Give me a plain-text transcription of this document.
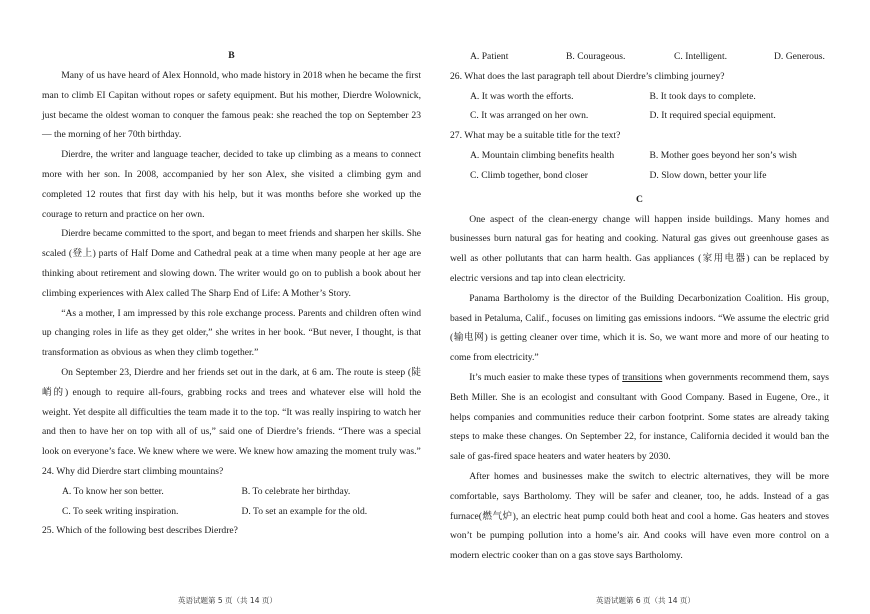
B

Many of us have heard of Alex Honnold, who made history in 2018 when he became the first man to climb EI Capitan without ropes or safety equipment. But his mother, Dierdre Wolownick, just became the oldest woman to conquer the famous peak: she reached the top on September 23 — the morning of her 70th birthday.

Dierdre, the writer and language teacher, decided to take up climbing as a means to connect more with her son. In 2008, accompanied by her son Alex, she visited a climbing gym and completed 12 routes that first day with his help, but it was months before she worked up the courage to return and practice on her own.

Dierdre became committed to the sport, and began to meet friends and sharpen her skills. She scaled (登上) parts of Half Dome and Cathedral peak at a time when many people at her age are thinking about retirement and slowing down. The writer would go on to publish a book about her climbing experiences with Alex called The Sharp End of Life: A Mother’s Story.

“As a mother, I am impressed by this role exchange process. Parents and children often wind up changing roles in life as they get older,” she writes in her book. “But never, I thought, is that transformation as obvious as when they climb together.”

On September 23, Dierdre and her friends set out in the dark, at 6 am. The route is steep (陡峭的) enough to require all-fours, grabbing rocks and trees and whatever else will hold the weight. Yet despite all difficulties the team made it to the top. “It was really inspiring to watch her and then to have her on top with all of us,” said one of Dierdre’s friends. “There was a special look on everyone’s face. We knew where we were. We knew how amazing the moment truly was.”

24. Why did Dierdre start climbing mountains?
A. To know her son better.	B. To celebrate her birthday.
C. To seek writing inspiration.	D. To set an example for the old.
25. Which of the following best describes Dierdre?
A. Patient	B. Courageous.	C. Intelligent.	D. Generous.
26. What does the last paragraph tell about Dierdre’s climbing journey?
A. It was worth the efforts.	B. It took days to complete.
C. It was arranged on her own.	D. It required special equipment.
27. What may be a suitable title for the text?
A. Mountain climbing benefits health	B. Mother goes beyond her son’s wish
C. Climb together, bond closer	D. Slow down, better your life
C

One aspect of the clean-energy change will happen inside buildings. Many homes and businesses burn natural gas for heating and cooking. Natural gas gives out greenhouse gases as well as other pollutants that can harm health. Gas appliances (家用电器) can be replaced by electric versions and tap into clean electricity.

Panama Bartholomy is the director of the Building Decarbonization Coalition. His group, based in Petaluma, Calif., focuses on limiting gas emissions indoors. “We assume the electric grid (输电网) is getting cleaner over time, which it is. So, we want more and more of our heating to come from electricity.”

It’s much easier to make these types of transitions when governments recommend them, says Beth Miller. She is an ecologist and consultant with Good Company. Based in Eugene, Ore., it helps companies and communities reduce their carbon footprint. Some states are already taking steps to make these changes. On September 22, for instance, California decided it would ban the sale of gas-fired space heaters and water heaters by 2030.

After homes and businesses make the switch to electric alternatives, they will be more comfortable, says Bartholomy. They will be safer and cleaner, too, he adds. Instead of a gas furnace(燃气炉), an electric heat pump could both heat and cool a home. Gas heaters and stoves won’t be pumping pollution into a home’s air. And cooks will have even more control on a modern electric cooker than on a gas stove says Bartholomy.

英语试题第 5 页（共 14 页）	英语试题第 6 页（共 14 页）
